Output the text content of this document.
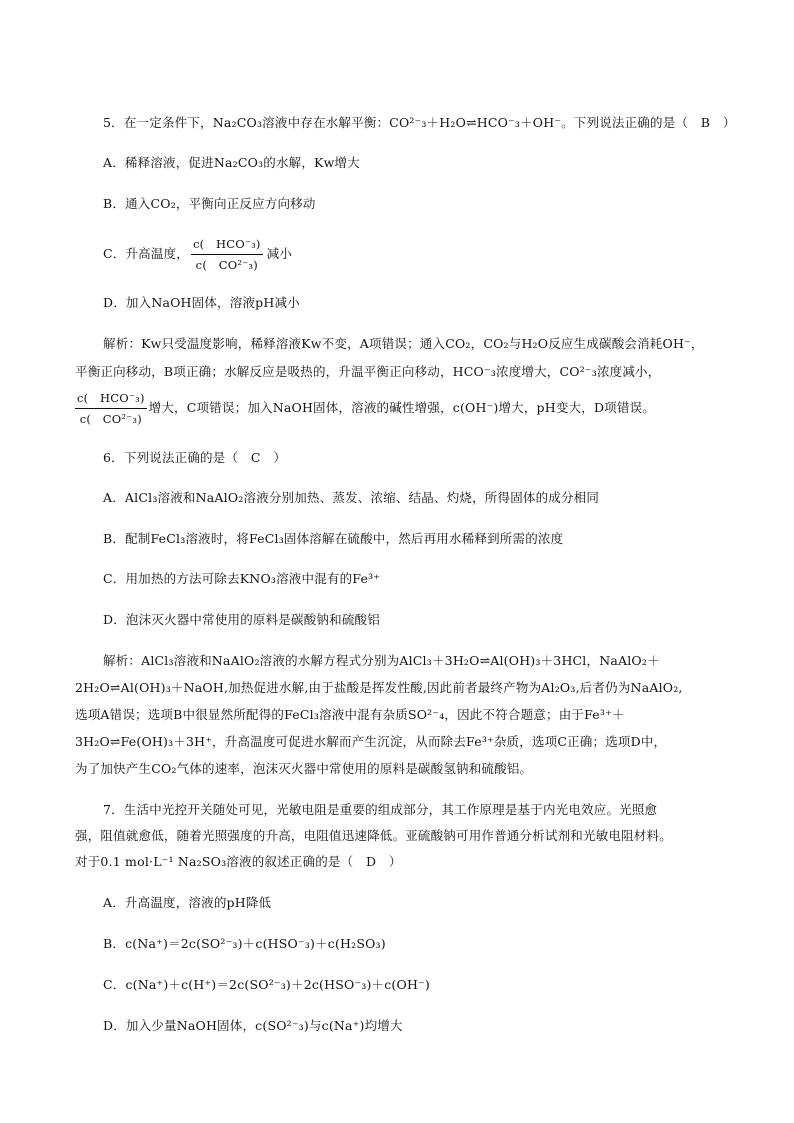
5．在一定条件下，Na₂CO₃溶液中存在水解平衡：CO²⁻₃＋H₂O⇌HCO⁻₃＋OH⁻。下列说法正确的是（　B　）
A．稀释溶液，促进Na₂CO₃的水解，Kw增大
B．通入CO₂，平衡向正反应方向移动
C．升高温度， $\frac{\text{c(　HCO⁻₃)}}{\text{c(　CO²⁻₃)}}$ 减小
D．加入NaOH固体，溶液pH减小
解析：Kw只受温度影响，稀释溶液Kw不变，A项错误；通入CO₂，CO₂与H₂O反应生成碳酸会消耗OH⁻，
平衡正向移动，B项正确；水解反应是吸热的，升温平衡正向移动，HCO⁻₃浓度增大，CO²⁻₃浓度减小，
$\frac{\text{c(　HCO⁻₃)}}{\text{c(　CO²⁻₃)}}$ 增大，C项错误；加入NaOH固体，溶液的碱性增强，c(OH⁻)增大，pH变大，D项错误。
6．下列说法正确的是（　C　）
A．AlCl₃溶液和NaAlO₂溶液分别加热、蒸发、浓缩、结晶、灼烧，所得固体的成分相同
B．配制FeCl₃溶液时，将FeCl₃固体溶解在硫酸中，然后再用水稀释到所需的浓度
C．用加热的方法可除去KNO₃溶液中混有的Fe³⁺
D．泡沫灭火器中常使用的原料是碳酸钠和硫酸铝
解析：AlCl₃溶液和NaAlO₂溶液的水解方程式分别为AlCl₃＋3H₂O⇌Al(OH)₃＋3HCl，NaAlO₂＋
2H₂O⇌Al(OH)₃＋NaOH,加热促进水解,由于盐酸是挥发性酸,因此前者最终产物为Al₂O₃,后者仍为NaAlO₂,
选项A错误；选项B中很显然所配得的FeCl₃溶液中混有杂质SO²⁻₄，因此不符合题意；由于Fe³⁺＋
3H₂O⇌Fe(OH)₃＋3H⁺，升高温度可促进水解而产生沉淀，从而除去Fe³⁺杂质，选项C正确；选项D中，
为了加快产生CO₂气体的速率，泡沫灭火器中常使用的原料是碳酸氢钠和硫酸铝。
7．生活中光控开关随处可见，光敏电阻是重要的组成部分，其工作原理是基于内光电效应。光照愈
强，阻值就愈低，随着光照强度的升高，电阻值迅速降低。亚硫酸钠可用作普通分析试剂和光敏电阻材料。
对于0.1 mol·L⁻¹ Na₂SO₃溶液的叙述正确的是（　D　）
A．升高温度，溶液的pH降低
B．c(Na⁺)＝2c(SO²⁻₃)＋c(HSO⁻₃)＋c(H₂SO₃)
C．c(Na⁺)＋c(H⁺)＝2c(SO²⁻₃)＋2c(HSO⁻₃)＋c(OH⁻)
D．加入少量NaOH固体，c(SO²⁻₃)与c(Na⁺)均增大
